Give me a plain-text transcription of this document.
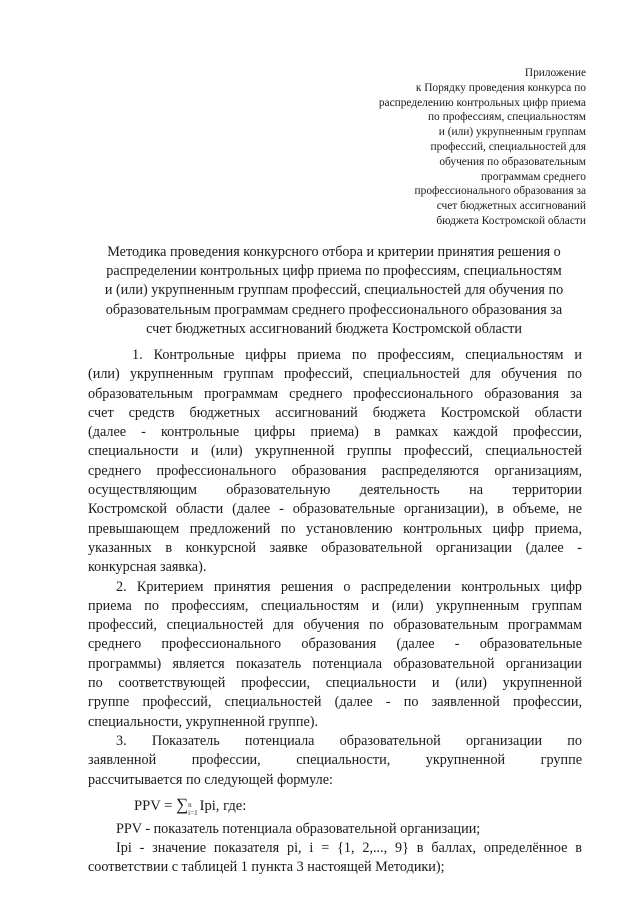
Приложение
к Порядку проведения конкурса по
распределению контрольных цифр приема
по профессиям, специальностям
и (или) укрупненным группам
профессий, специальностей для
обучения по образовательным
программам среднего
профессионального образования за
счет бюджетных ассигнований
бюджета Костромской области
Методика проведения конкурсного отбора и критерии принятия решения о
распределении контрольных цифр приема по профессиям, специальностям
и (или) укрупненным группам профессий, специальностей для обучения по
образовательным программам среднего профессионального образования за
счет бюджетных ассигнований бюджета Костромской области
1. Контрольные цифры приема по профессиям, специальностям и
(или) укрупненным группам профессий, специальностей для обучения по
образовательным программам среднего профессионального образования за
счет средств бюджетных ассигнований бюджета Костромской области
(далее - контрольные цифры приема) в рамках каждой профессии,
специальности и (или) укрупненной группы профессий, специальностей
среднего профессионального образования распределяются организациям,
осуществляющим образовательную деятельность на территории
Костромской области (далее - образовательные организации), в объеме, не
превышающем предложений по установлению контрольных цифр приема,
указанных в конкурсной заявке образовательной организации (далее -
конкурсная заявка).
2. Критерием принятия решения о распределении контрольных цифр
приема по профессиям, специальностям и (или) укрупненным группам
профессий, специальностей для обучения по образовательным программам
среднего профессионального образования (далее - образовательные
программы) является показатель потенциала образовательной организации
по соответствующей профессии, специальности и (или) укрупненной
группе профессий, специальностей (далее - по заявленной профессии,
специальности, укрупненной группе).
3. Показатель потенциала образовательной организации по
заявленной профессии, специальности, укрупненной группе
рассчитывается по следующей формуле:
PPV = ∑ n
i=1 Ipi, где:
PPV - показатель потенциала образовательной организации;
Ipi - значение показателя pi, i = {1, 2,..., 9} в баллах, определённое в
соответствии с таблицей 1 пункта 3 настоящей Методики);
